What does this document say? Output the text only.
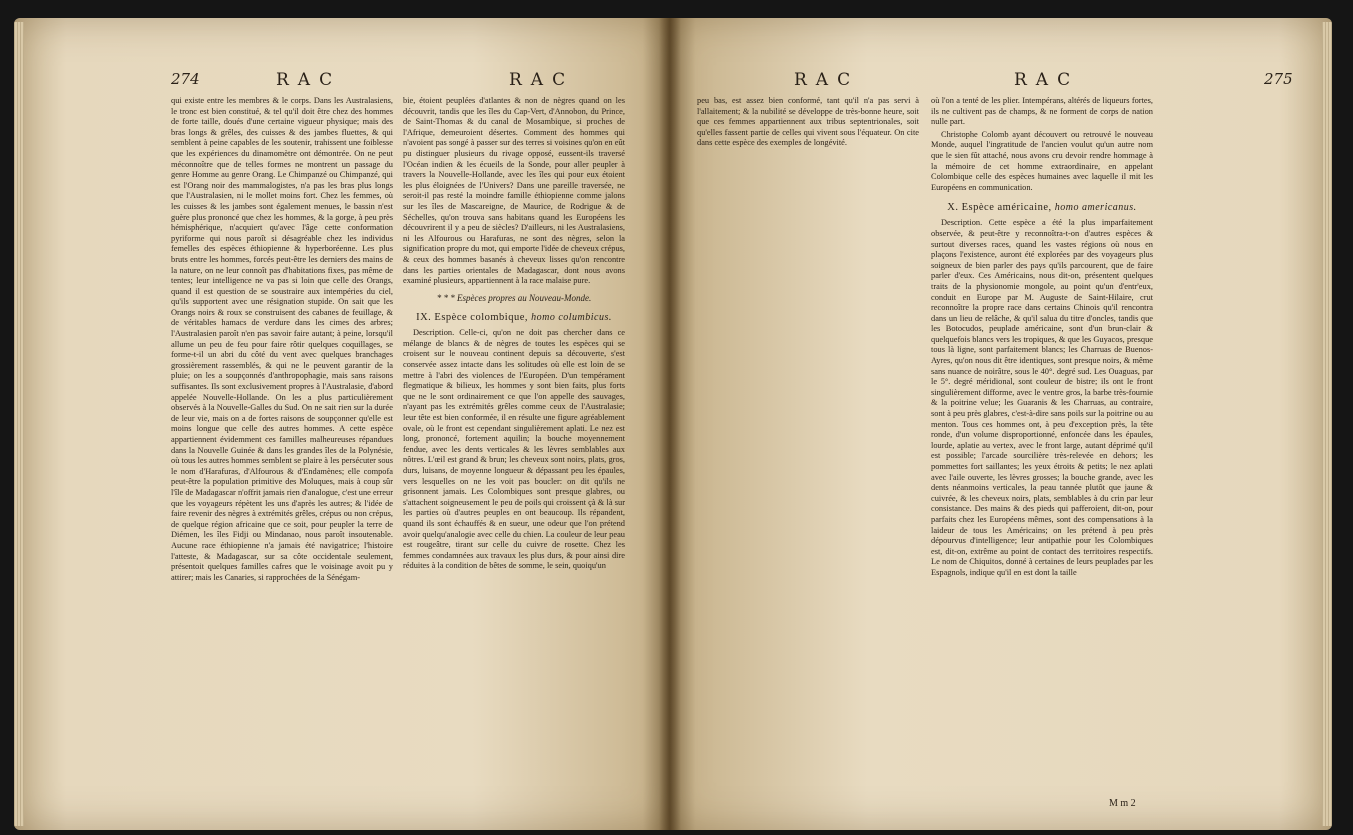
274	RAC	RAC

qui existe entre les membres & le corps. Dans les Australasiens, le tronc est bien constitué, & tel qu'il doit être chez des hommes de forte taille, doués d'une certaine vigueur physique; mais des bras longs & grêles, des cuisses & des jambes fluettes, & qui semblent à peine capables de les soutenir, trahissent une foiblesse que les expériences du dinamomètre ont démontrée. On ne peut méconnoître que de telles formes ne montrent un passage du genre Homme au genre Orang. Le Chimpanzé ou Chimpanzé, qui est l'Orang noir des mammalogistes, n'a pas les bras plus longs que l'Australasien, ni le mollet moins fort. Chez les femmes, où les cuisses & les jambes sont également menues, le bassin n'est guère plus prononcé que chez les hommes, & la gorge, à peu près hémisphérique, n'acquiert qu'avec l'âge cette conformation pyriforme qui nous paroît si désagréable chez les individus femelles des espèces éthiopienne & hyperboréenne. Les plus bruts entre les hommes, forcés peut-être les derniers des mains de la nature, on ne leur connoît pas d'habitations fixes, pas même de tentes; leur intelligence ne va pas si loin que celle des Orangs, quand il est question de se soustraire aux intempéries du ciel, qu'ils supportent avec une résignation stupide. On sait que les Orangs noirs & roux se construisent des cabanes de feuillage, & de véritables hamacs de verdure dans les cimes des arbres; l'Australasien paroît n'en pas savoir faire autant; à peine, lorsqu'il allume un peu de feu pour faire rôtir quelques coquillages, se forme-t-il un abri du côté du vent avec quelques branchages grossièrement rassemblés, & qui ne le peuvent garantir de la pluie; on les a soupçonnés d'anthropophagie, mais sans raisons suffisantes. Ils sont exclusivement propres à l'Australasie, d'abord appelée Nouvelle-Hollande. On les a plus particulièrement observés à la Nouvelle-Galles du Sud. On ne sait rien sur la durée de leur vie, mais on a de fortes raisons de soupçonner qu'elle est moins longue que celle des autres hommes. A cette espèce appartiennent évidemment ces familles malheureuses répandues dans la Nouvelle Guinée & dans les grandes îles de la Polynésie, où tous les autres hommes semblent se plaire à les persécuter sous le nom d'Harafuras, d'Alfourous & d'Endamènes; elle compofa peut-être la population primitive des Moluques, mais à coup sûr l'île de Madagascar n'offrit jamais rien d'analogue, c'est une erreur que les voyageurs répètent les uns d'après les autres; & l'idée de faire revenir des nègres à extrémités grêles, crépus ou non crépus, de quelque région africaine que ce soit, pour peupler la terre de Diémen, les îles Fidji ou Mindanao, nous paroît insoutenable. Aucune race éthiopienne n'a jamais été navigatrice; l'histoire l'atteste, & Madagascar, sur sa côte occidentale seulement, présentoit quelques familles cafres que le voisinage avoit pu y attirer; mais les Canaries, si rapprochées de la Sénégam-

bie, étoient peuplées d'atlantes & non de nègres quand on les découvrit, tandis que les îles du Cap-Vert, d'Annobon, du Prince, de Saint-Thomas & du canal de Mosambique, si proches de l'Afrique, demeuroient désertes. Comment des hommes qui n'avoient pas songé à passer sur des terres si voisines qu'on en eût pu distinguer plusieurs du rivage opposé, eussent-ils traversé l'Océan indien & les écueils de la Sonde, pour aller peupler à travers la Nouvelle-Hollande, avec les îles qui pour eux étoient les plus éloignées de l'Univers? Dans une pareille traversée, ne seroit-il pas resté la moindre famille éthiopienne comme jalons sur les îles de Mascareigne, de Maurice, de Rodrigue & de Séchelles, qu'on trouva sans habitans quand les Européens les découvrirent il y a peu de siècles? D'ailleurs, ni les Australasiens, ni les Alfourous ou Harafuras, ne sont des nègres, selon la signification propre du mot, qui emporte l'idée de cheveux crépus, & ceux des hommes basanés à cheveux lisses qu'on rencontre dans les parties orientales de Madagascar, dont nous avons examiné plusieurs, appartiennent à la race malaise pure.

* * * Espèces propres au Nouveau-Monde.

IX. Espèce colombique, homo columbicus.

Description. Celle-ci, qu'on ne doit pas chercher dans ce mélange de blancs & de nègres de toutes les espèces qui se croisent sur le nouveau continent depuis sa découverte, s'est conservée assez intacte dans les solitudes où elle est loin de se mettre à l'abri des violences de l'Européen. D'un tempérament flegmatique & bilieux, les hommes y sont bien faits, plus forts que ne le sont ordinairement ce que l'on appelle des sauvages, n'ayant pas les extrémités grêles comme ceux de l'Australasie; leur tête est bien conformée, il en résulte une figure agréablement ovale, où le front est cependant singulièrement aplati. Le nez est long, prononcé, fortement aquilin; la bouche moyennement fendue, avec les dents verticales & les lèvres semblables aux nôtres. L'œil est grand & brun; les cheveux sont noirs, plats, gros, durs, luisans, de moyenne longueur & dépassant peu les épaules, vers lesquelles on ne les voit pas boucler: on dit qu'ils ne grisonnent jamais. Les Colombiques sont presque glabres, ou s'attachent soigneusement le peu de poils qui croissent çà & là sur les parties où d'autres peuples en ont beaucoup. Ils répandent, quand ils sont échauffés & en sueur, une odeur que l'on prétend avoir quelqu'analogie avec celle du chien. La couleur de leur peau est rougeâtre, tirant sur celle du cuivre de rosette. Chez les femmes condamnées aux travaux les plus durs, & pour ainsi dire réduites à la condition de bêtes de somme, le sein, quoiqu'un

RAC	RAC	275

peu bas, est assez bien conformé, tant qu'il n'a pas servi à l'allaitement; & la nubilité se développe de très-bonne heure, soit que ces femmes appartiennent aux tribus septentrionales, soit qu'elles fassent partie de celles qui vivent sous l'équateur. On cite dans cette espèce des exemples de longévité.

où l'on a tenté de les plier. Intempérans, altérés de liqueurs fortes, ils ne cultivent pas de champs, & ne forment de corps de nation nulle part.

Christophe Colomb ayant découvert ou retrouvé le nouveau Monde, auquel l'ingratitude de l'ancien voulut qu'un autre nom que le sien fût attaché, nous avons cru devoir rendre hommage à la mémoire de cet homme extraordinaire, en appelant Colombique celle des espèces humaines avec laquelle il mit les Européens en communication.

X. Espèce américaine, homo americanus.

Description. Cette espèce a été la plus imparfaitement observée, & peut-être y reconnoîtra-t-on d'autres espèces & surtout diverses races, quand les vastes régions où nous en plaçons l'existence, auront été explorées par des voyageurs plus soigneux de bien parler des pays qu'ils parcourent, que de faire parler d'eux. Ces Américains, nous dit-on, présentent quelques traits de la physionomie mongole, au point qu'un d'entr'eux, conduit en Europe par M. Auguste de Saint-Hilaire, crut reconnoître la propre race dans certains Chinois qu'il rencontra dans un lieu de relâche, & qu'il salua du titre d'oncles, tandis que les Botocudos, peuplade américaine, sont d'un brun-clair & quelquefois blancs vers les tropiques, & que les Guyacos, presque tous là ligne, sont parfaitement blancs; les Charruas de Buenos-Ayres, qu'on nous dit être identiques, sont presque noirs, & même sans nuance de noirâtre, sous le 40°. degré sud. Les Ouaguas, par le 5°. degré méridional, sont couleur de bistre; ils ont le front singulièrement difforme, avec le ventre gros, la barbe très-fournie & la poitrine velue; les Guaranis & les Charruas, au contraire, sont à peu près glabres, c'est-à-dire sans poils sur la poitrine ou au menton. Tous ces hommes ont, à peu d'exception près, la tête ronde, d'un volume disproportionné, enfoncée dans les épaules, lourde, aplatie au vertex, avec le front large, autant déprimé qu'il est possible; l'arcade sourcilière très-relevée en dehors; les pommettes fort saillantes; les yeux étroits & petits; le nez aplati avec l'aile ouverte, les lèvres grosses; la bouche grande, avec les dents néanmoins verticales, la peau tannée plutôt que jaune & cuivrée, & les cheveux noirs, plats, semblables à du crin par leur consistance. Des mains & des pieds qui pafferoient, dit-on, pour parfaits chez les Européens mêmes, sont des compensations à la laideur de tous les Américains; on les prétend à peu près dépourvus d'intelligence; leur antipathie pour les Colombiques est, dit-on, extrême au point de contact des territoires respectifs. Le nom de Chiquitos, donné à certaines de leurs peuplades par les Espagnols, indique qu'il en est dont la taille

M m 2
